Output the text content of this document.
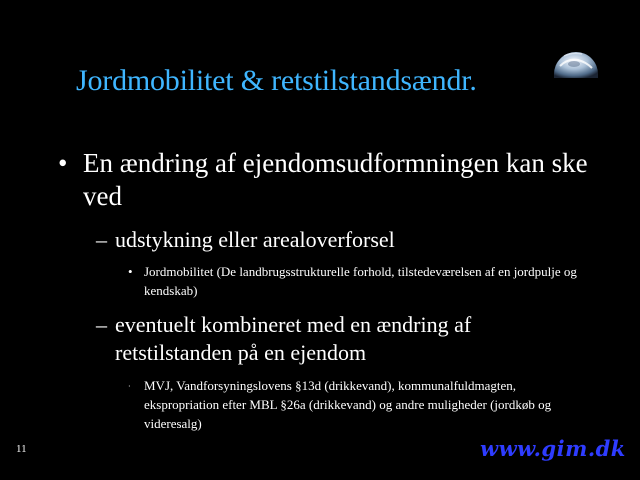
Jordmobilitet & retstilstandsændr.
• En ændring af ejendomsudformningen kan ske ved
– udstykning eller arealoverforsel
• Jordmobilitet (De landbrugsstrukturelle forhold, tilstedeværelsen af en jordpulje og kendskab)
– eventuelt kombineret med en ændring af retstilstanden på en ejendom
· MVJ, Vandforsyningslovens §13d (drikkevand), kommunalfuldmagten, ekspropriation efter MBL §26a (drikkevand) og andre muligheder (jordkøb og videresalg)
11	www.gim.dk
